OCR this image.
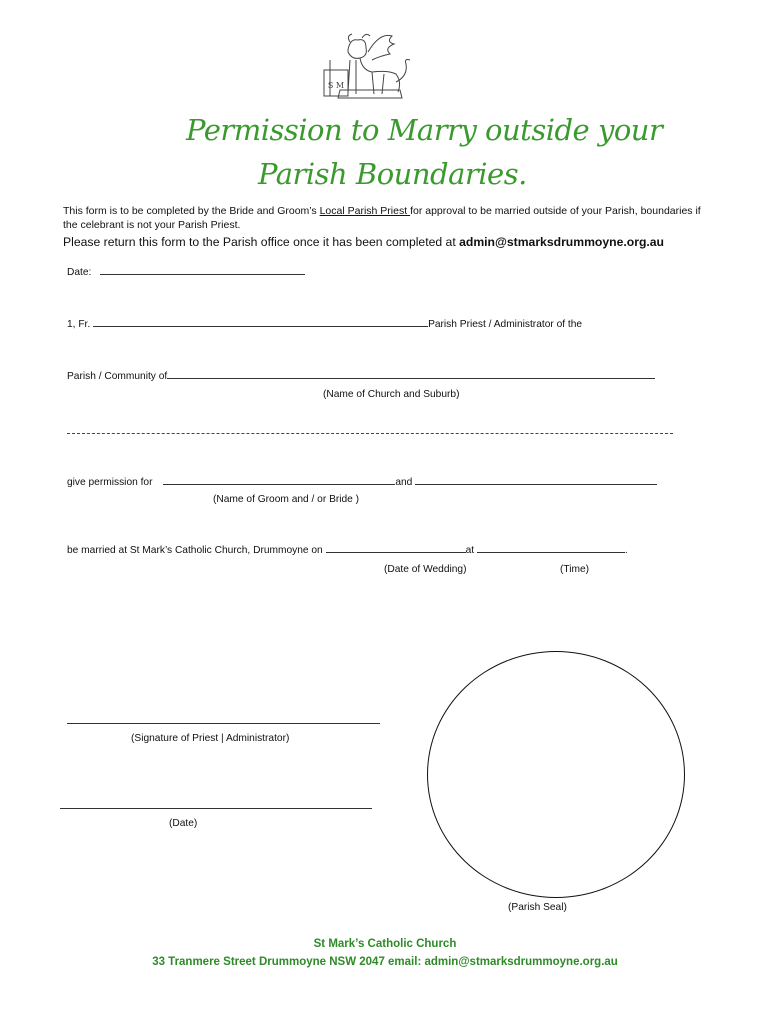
S M
Permission to Marry outside your
Parish Boundaries.
This form is to be completed by the Bride and Groom’s Local Parish Priest for approval to be married outside of your Parish, boundaries if the celebrant is not your Parish Priest.
Please return this form to the Parish office once it has been completed at admin@stmarksdrummoyne.org.au
Date:
1, Fr.	Parish Priest / Administrator of the
Parish / Community of
(Name of Church and Suburb)
give permission for	and
(Name of Groom and / or Bride )
be married at St Mark’s Catholic Church, Drummoyne on	at	.
(Date of Wedding)	(Time)
(Signature of Priest | Administrator)
(Date)
(Parish Seal)
St Mark’s Catholic Church
33 Tranmere Street Drummoyne NSW 2047 email: admin@stmarksdrummoyne.org.au
